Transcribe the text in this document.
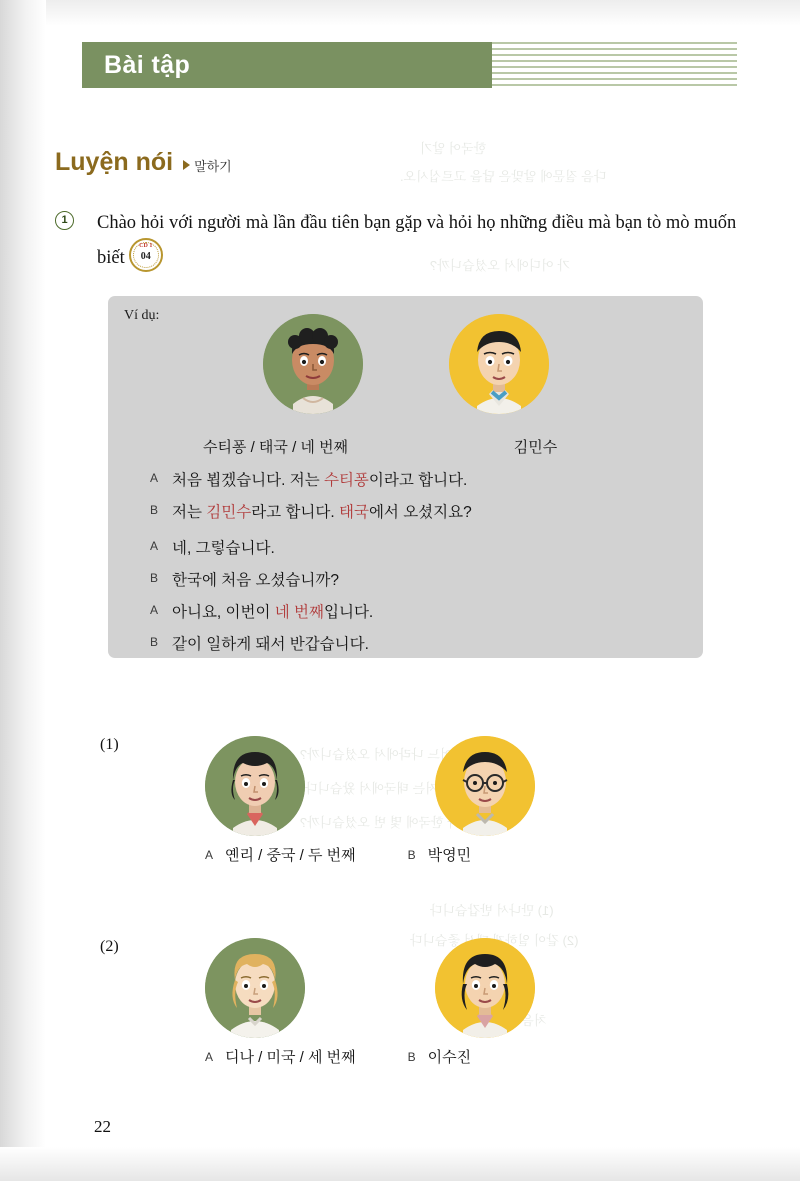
한국어 알기
다음 질문에 알맞은 답을 고르십시오.
가 어디에서 오셨습니까?
가 어느 나라에서 오셨습니까?
나 저는 태국에서 왔습니다
다 한국에 몇 번 오셨습니까?
(1) 만나서 반갑습니다
(2) 같이 일하게 좋습니다
처음
Bài tập
Luyện nói 말하기
1	Chào hỏi với người mà lần đầu tiên bạn gặp và hỏi họ những điều mà bạn tò mò muốn biết
CD 1
04
Ví dụ:
수티퐁 / 태국 / 네 번째	김민수
A 처음 뵙겠습니다. 저는 수티퐁이라고 합니다.
B 저는 김민수라고 합니다. 태국에서 오셨지요?
A 네, 그렇습니다.
B 한국에 처음 오셨습니까?
A 아니요, 이번이 네 번째입니다.
B 같이 일하게 돼서 반갑습니다.
(1)
A 옌리 / 중국 / 두 번째	B 박영민
(2)
A 디나 / 미국 / 세 번째	B 이수진
22
